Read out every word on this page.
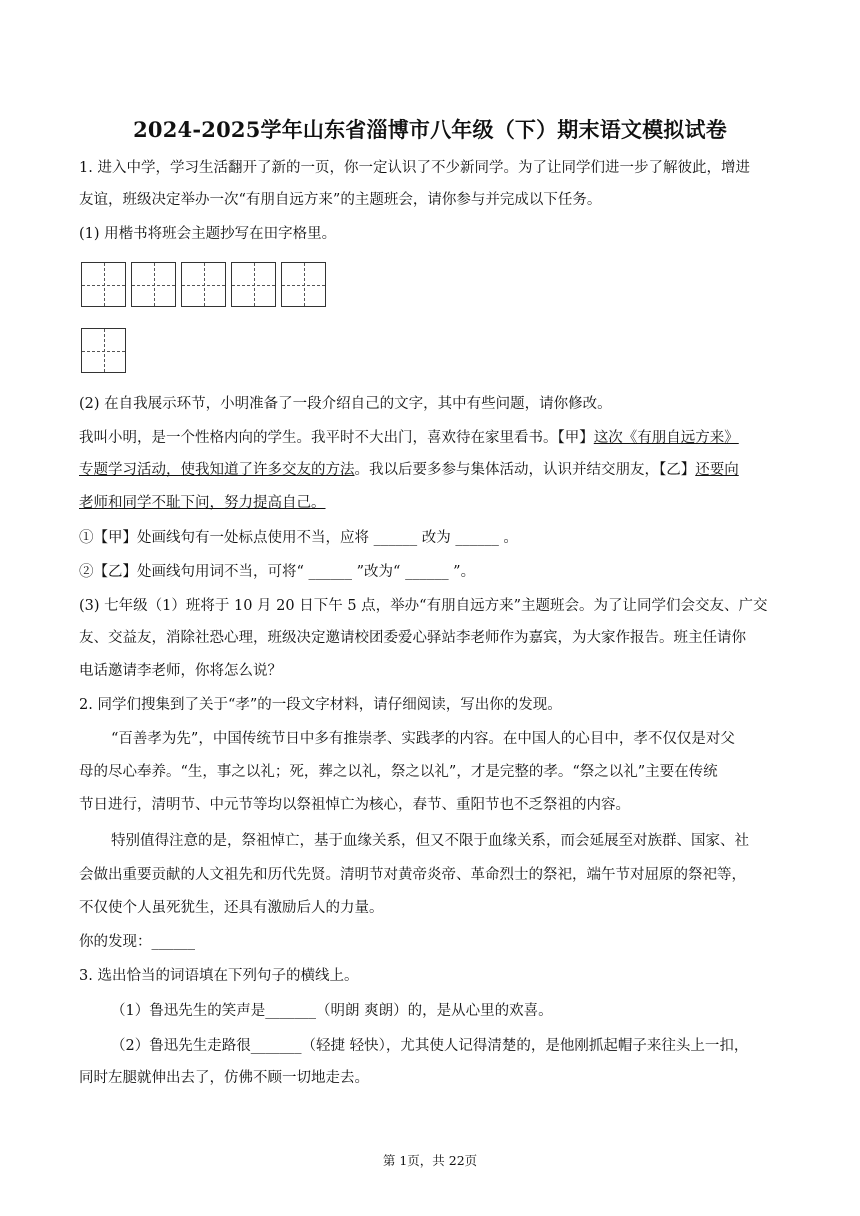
2024-2025学年山东省淄博市八年级（下）期末语文模拟试卷
1. 进入中学，学习生活翻开了新的一页，你一定认识了不少新同学。为了让同学们进一步了解彼此，增进
友谊，班级决定举办一次“有朋自远方来”的主题班会，请你参与并完成以下任务。
(1) 用楷书将班会主题抄写在田字格里。
(2) 在自我展示环节，小明准备了一段介绍自己的文字，其中有些问题，请你修改。
我叫小明，是一个性格内向的学生。我平时不大出门，喜欢待在家里看书。【甲】这次《有朋自远方来》
专题学习活动，使我知道了许多交友的方法。我以后要多参与集体活动，认识并结交朋友，【乙】还要向
老师和同学不耻下问，努力提高自己。
①【甲】处画线句有一处标点使用不当，应将 ______ 改为 ______ 。
②【乙】处画线句用词不当，可将“ ______ ”改为“ ______ ”。
(3) 七年级（1）班将于 10 月 20 日下午 5 点，举办“有朋自远方来”主题班会。为了让同学们会交友、广交
友、交益友，消除社恐心理，班级决定邀请校团委爱心驿站李老师作为嘉宾，为大家作报告。班主任请你
电话邀请李老师，你将怎么说？
2. 同学们搜集到了关于“孝”的一段文字材料，请仔细阅读，写出你的发现。
“百善孝为先”，中国传统节日中多有推崇孝、实践孝的内容。在中国人的心目中，孝不仅仅是对父
母的尽心奉养。“生，事之以礼；死，葬之以礼，祭之以礼”，才是完整的孝。“祭之以礼”主要在传统
节日进行，清明节、中元节等均以祭祖悼亡为核心，春节、重阳节也不乏祭祖的内容。
特别值得注意的是，祭祖悼亡，基于血缘关系，但又不限于血缘关系，而会延展至对族群、国家、社
会做出重要贡献的人文祖先和历代先贤。清明节对黄帝炎帝、革命烈士的祭祀，端午节对屈原的祭祀等，
不仅使个人虽死犹生，还具有激励后人的力量。
你的发现：______
3. 选出恰当的词语填在下列句子的横线上。
（1）鲁迅先生的笑声是_______（明朗 爽朗）的，是从心里的欢喜。
（2）鲁迅先生走路很_______（轻捷 轻快），尤其使人记得清楚的，是他刚抓起帽子来往头上一扣，
同时左腿就伸出去了，仿佛不顾一切地走去。
第 1页，共 22页
